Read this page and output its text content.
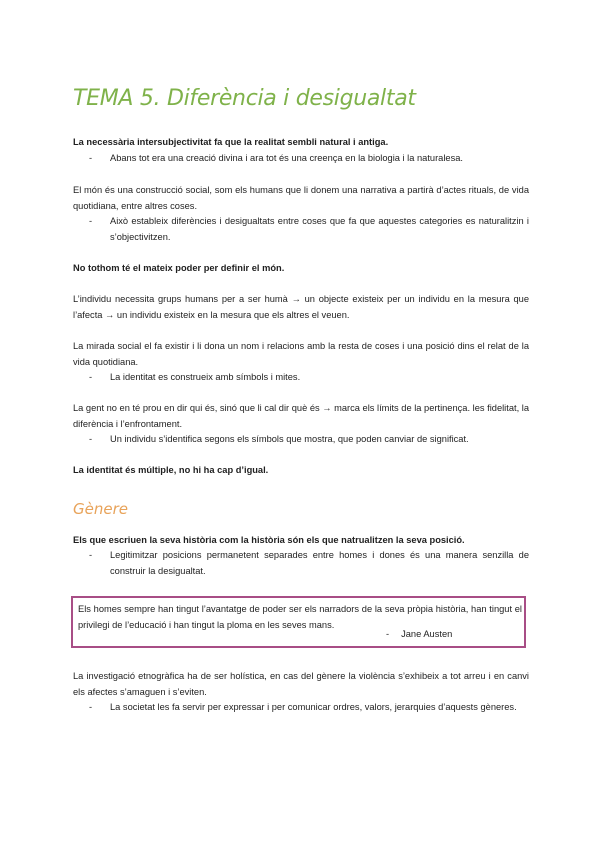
TEMA 5. Diferència i desigualtat
La necessària intersubjectivitat fa que la realitat sembli natural i antiga.
- Abans tot era una creació divina i ara tot és una creença en la biologia i la naturalesa.
El món és una construcció social, som els humans que li donem una narrativa a partirà d’actes rituals, de vida quotidiana, entre altres coses.
- Això estableix diferències i desigualtats entre coses que fa que aquestes categories es naturalitzin i s’objectivitzen.
No tothom té el mateix poder per definir el món.
L’individu necessita grups humans per a ser humà → un objecte existeix per un individu en la mesura que l’afecta → un individu existeix en la mesura que els altres el veuen.
La mirada social el fa existir i li dona un nom i relacions amb la resta de coses i una posició dins el relat de la vida quotidiana.
- La identitat es construeix amb símbols i mites.
La gent no en té prou en dir qui és, sinó que li cal dir què és → marca els límits de la pertinença. les fidelitat, la diferència i l’enfrontament.
- Un individu s’identifica segons els símbols que mostra, que poden canviar de significat.
La identitat és múltiple, no hi ha cap d’igual.
Gènere
Els que escriuen la seva història com la història són els que natrualitzen la seva posició.
- Legitimitzar posicions permanetent separades entre homes i dones és una manera senzilla de construir la desigualtat.
Els homes sempre han tingut l’avantatge de poder ser els narradors de la seva pròpia història, han tingut el privilegi de l’educació i han tingut la ploma en les seves mans.
- Jane Austen
La investigació etnogràfica ha de ser holística, en cas del gènere la violència s’exhibeix a tot arreu i en canvi els afectes s’amaguen i s’eviten.
- La societat les fa servir per expressar i per comunicar ordres, valors, jerarquies d’aquests gèneres.
